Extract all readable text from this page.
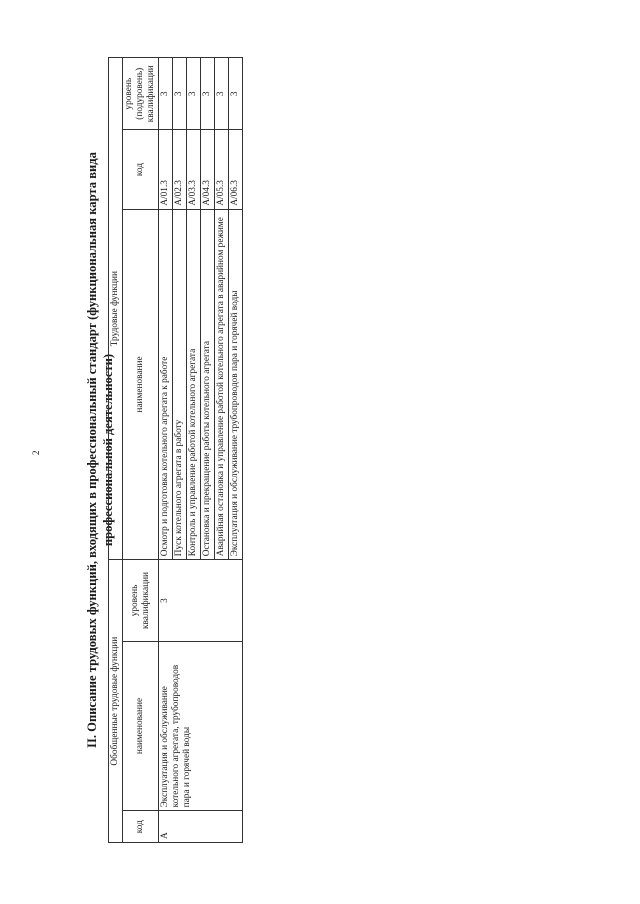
2	II. Описание трудовых функций, входящих в профессиональный стандарт (функциональная карта вида профессиональной деятельности)
Обобщенные трудовые функции			Трудовые функции		
код	наименование	уровень квалификации	наименование	код	уровень (подуровень) квалификации
А	Эксплуатация и обслуживание котельного агрегата, трубопроводов пара и горячей воды	3	Осмотр и подготовка котельного агрегата к работе	A/01.3	3
			Пуск котельного агрегата в работу	A/02.3	3
			Контроль и управление работой котельного агрегата	A/03.3	3
			Остановка и прекращение работы котельного агрегата	A/04.3	3
			Аварийная остановка и управление работой котельного агрегата в аварийном режиме	A/05.3	3
			Эксплуатация и обслуживание трубопроводов пара и горячей воды	A/06.3	3
